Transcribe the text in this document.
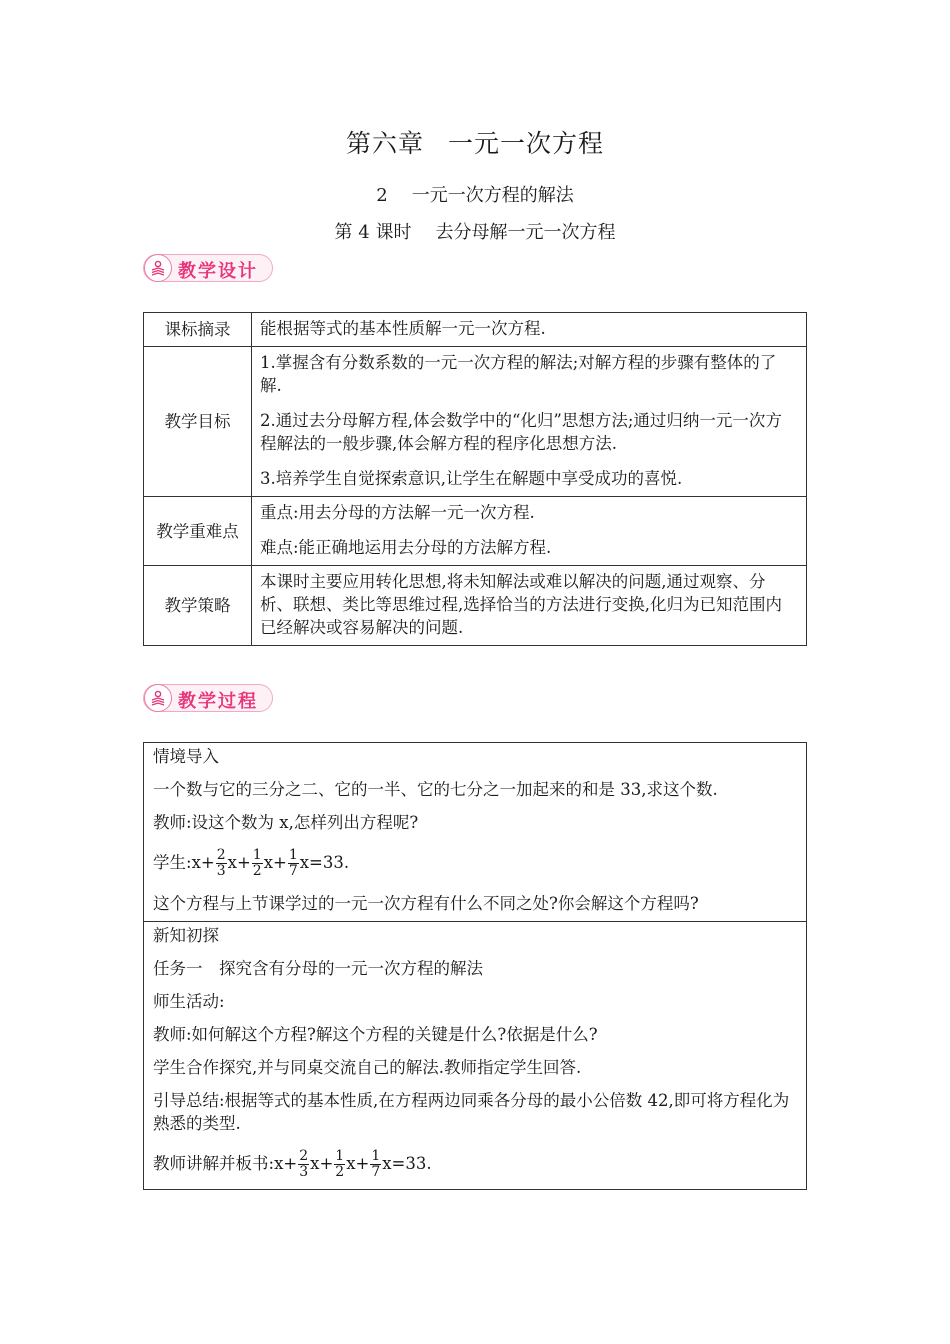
第六章 一元一次方程
2 一元一次方程的解法
第 4 课时 去分母解一元一次方程
教学设计
课标摘录	能根据等式的基本性质解一元一次方程.

教学目标	1.掌握含有分数系数的一元一次方程的解法;对解方程的步骤有整体的了解.

2.通过去分母解方程,体会数学中的“化归”思想方法;通过归纳一元一次方程解法的一般步骤,体会解方程的程序化思想方法.

3.培养学生自觉探索意识,让学生在解题中享受成功的喜悦.

教学重难点	重点:用去分母的方法解一元一次方程.

难点:能正确地运用去分母的方法解方程.

教学策略	本课时主要应用转化思想,将未知解法或难以解决的问题,通过观察、分析、联想、类比等思维过程,选择恰当的方法进行变换,化归为已知范围内已经解决或容易解决的问题.

教学过程

情境导入

一个数与它的三分之二、它的一半、它的七分之一加起来的和是 33,求这个数.

教师:设这个数为 x,怎样列出方程呢?

学生:x+ $\frac{2}{3} x+ \frac{1}{2} x+ \frac{1}{7} x=33$.

这个方程与上节课学过的一元一次方程有什么不同之处?你会解这个方程吗?

新知初探

任务一　探究含有分母的一元一次方程的解法

师生活动:

教师:如何解这个方程?解这个方程的关键是什么?依据是什么?

学生合作探究,并与同桌交流自己的解法.教师指定学生回答.

引导总结:根据等式的基本性质,在方程两边同乘各分母的最小公倍数 42,即可将方程化为熟悉的类型.

教师讲解并板书:x+ $\frac{2}{3} x+ \frac{1}{2} x+ \frac{1}{7} x=33$.
